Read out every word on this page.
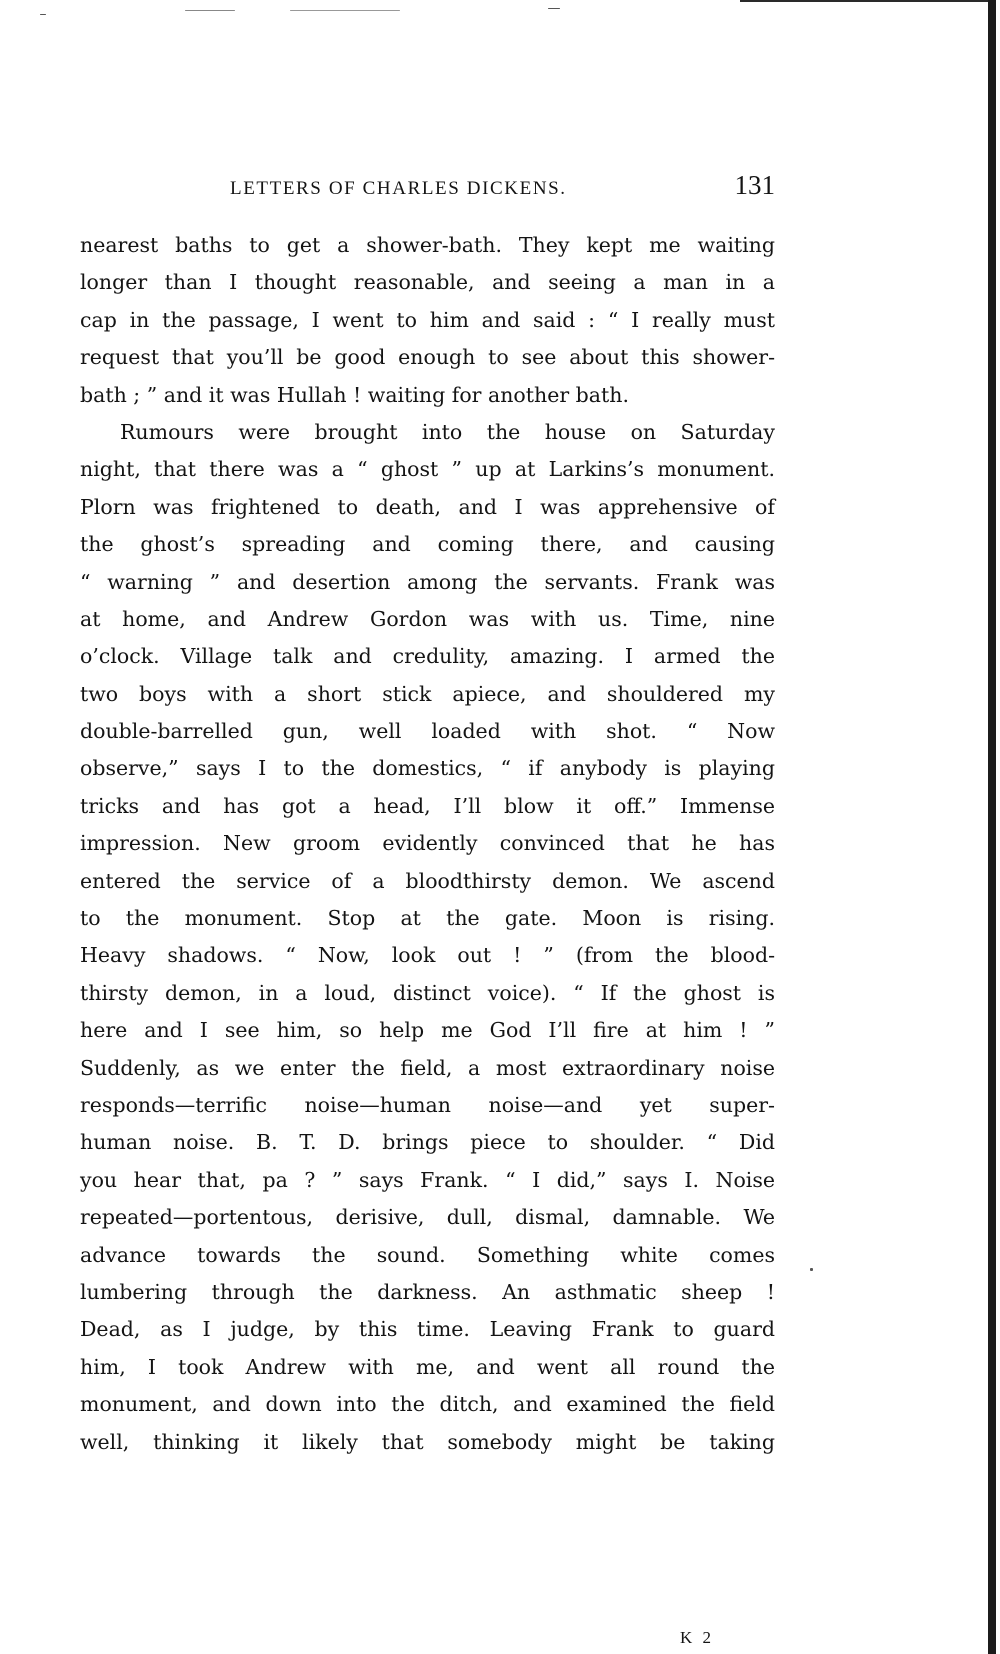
LETTERS OF CHARLES DICKENS.	131
nearest baths to get a shower-bath. They kept me waiting
longer than I thought reasonable, and seeing a man in a
cap in the passage, I went to him and said : “ I really must
request that you’ll be good enough to see about this shower-
bath ; ” and it was Hullah ! waiting for another bath.
Rumours were brought into the house on Saturday
night, that there was a “ ghost ” up at Larkins’s monument.
Plorn was frightened to death, and I was apprehensive of
the ghost’s spreading and coming there, and causing
“ warning ” and desertion among the servants. Frank was
at home, and Andrew Gordon was with us. Time, nine
o’clock. Village talk and credulity, amazing. I armed the
two boys with a short stick apiece, and shouldered my
double-barrelled gun, well loaded with shot. “ Now
observe,” says I to the domestics, “ if anybody is playing
tricks and has got a head, I’ll blow it off.” Immense
impression. New groom evidently convinced that he has
entered the service of a bloodthirsty demon. We ascend
to the monument. Stop at the gate. Moon is rising.
Heavy shadows. “ Now, look out ! ” (from the blood-
thirsty demon, in a loud, distinct voice). “ If the ghost is
here and I see him, so help me God I’ll fire at him ! ”
Suddenly, as we enter the field, a most extraordinary noise
responds—terrific noise—human noise—and yet super-
human noise. B. T. D. brings piece to shoulder. “ Did
you hear that, pa ? ” says Frank. “ I did,” says I. Noise
repeated—portentous, derisive, dull, dismal, damnable. We
advance towards the sound. Something white comes
lumbering through the darkness. An asthmatic sheep !
Dead, as I judge, by this time. Leaving Frank to guard
him, I took Andrew with me, and went all round the
monument, and down into the ditch, and examined the field
well, thinking it likely that somebody might be taking
K 2
